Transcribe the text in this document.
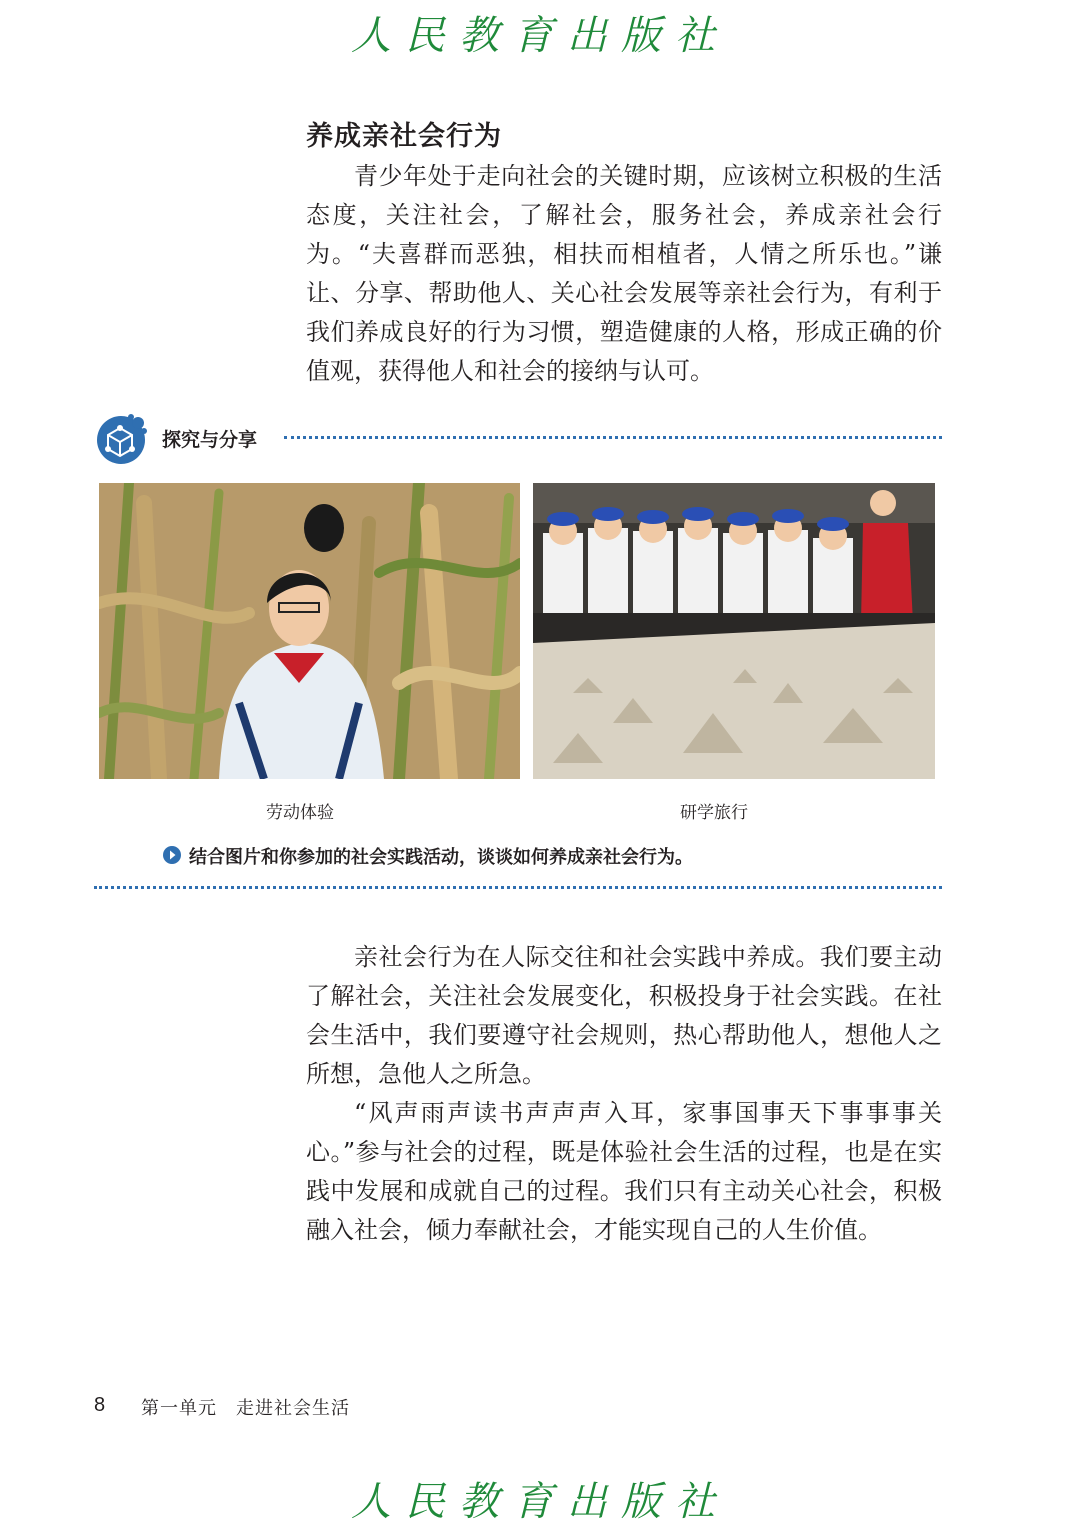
人民教育出版社
养成亲社会行为

青少年处于走向社会的关键时期，应该树立积极的生活态度，关注社会，了解社会，服务社会，养成亲社会行为。“夫喜群而恶独，相扶而相植者，人情之所乐也。”谦让、分享、帮助他人、关心社会发展等亲社会行为，有利于我们养成良好的行为习惯，塑造健康的人格，形成正确的价值观，获得他人和社会的接纳与认可。

探究与分享
劳动体验	研学旅行
结合图片和你参加的社会实践活动，谈谈如何养成亲社会行为。

亲社会行为在人际交往和社会实践中养成。我们要主动了解社会，关注社会发展变化，积极投身于社会实践。在社会生活中，我们要遵守社会规则，热心帮助他人，想他人之所想，急他人之所急。

“风声雨声读书声声声入耳，家事国事天下事事事关心。”参与社会的过程，既是体验社会生活的过程，也是在实践中发展和成就自己的过程。我们只有主动关心社会，积极融入社会，倾力奉献社会，才能实现自己的人生价值。

8 第一单元　走进社会生活
人民教育出版社
